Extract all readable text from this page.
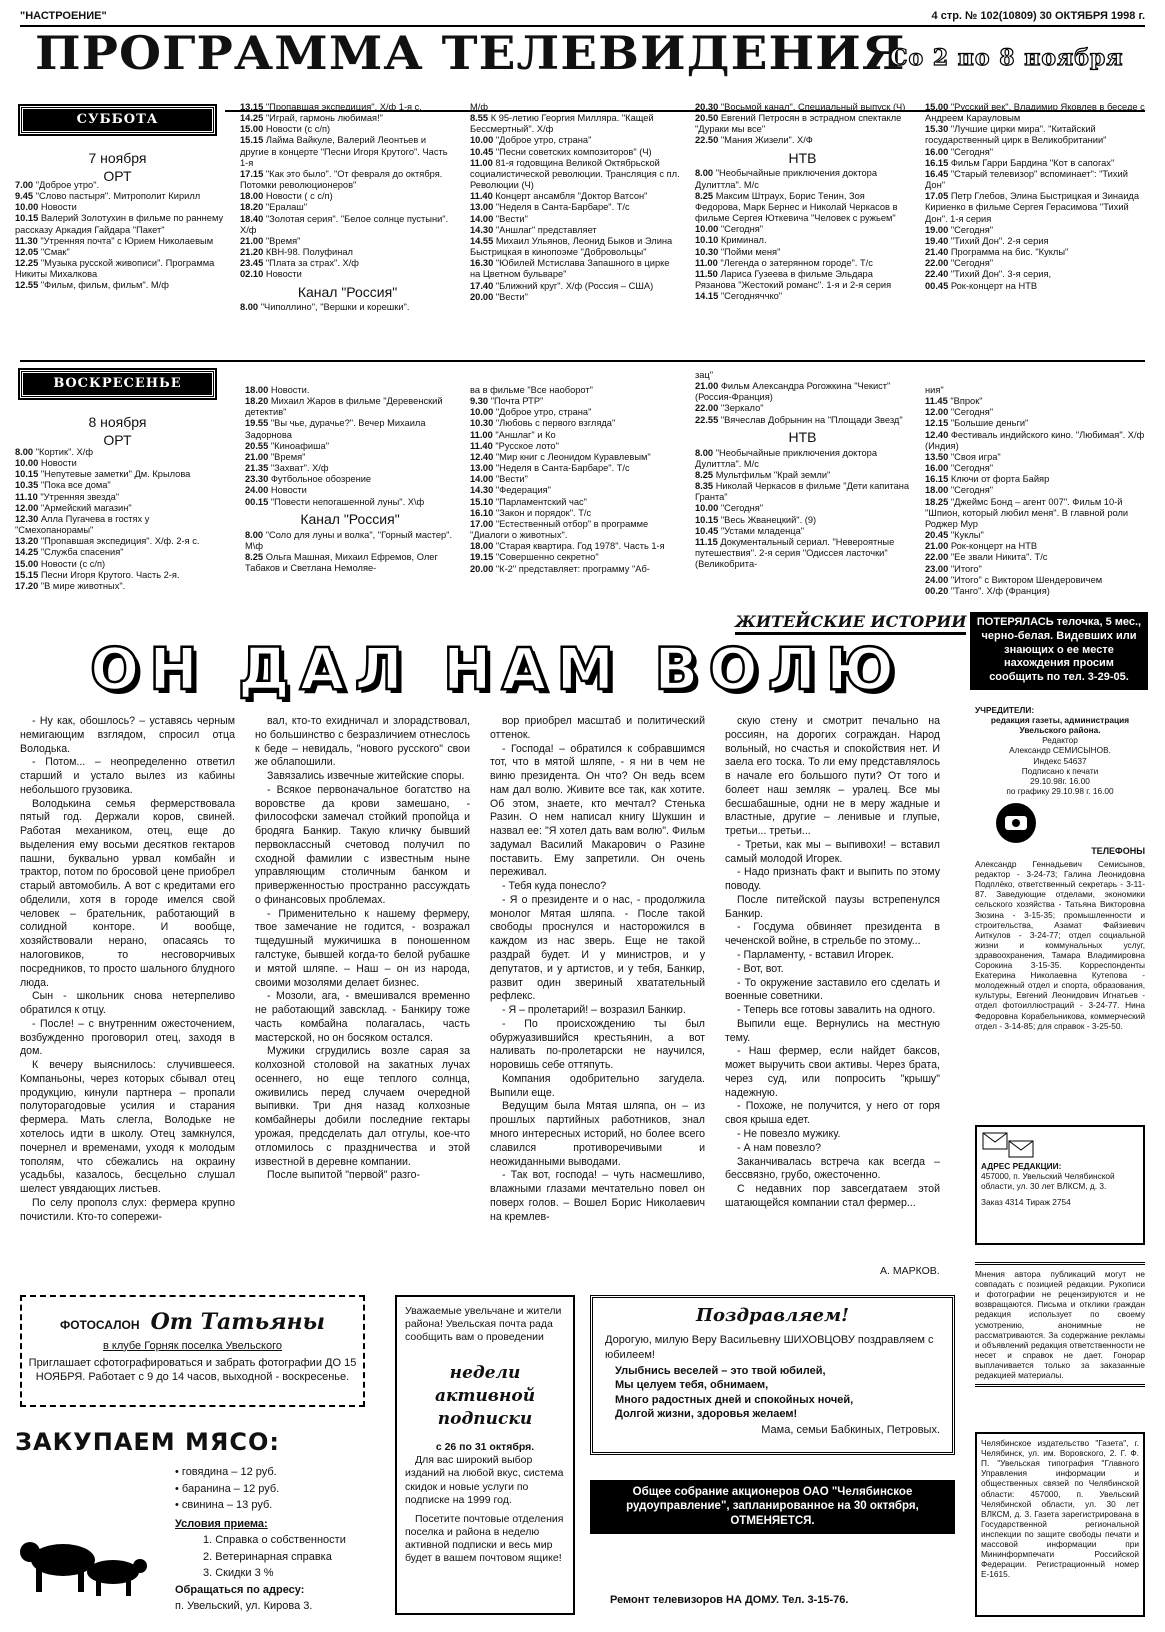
"НАСТРОЕНИЕ"	4 стр. № 102(10809) 30 ОКТЯБРЯ 1998 г.
ПРОГРАММА ТЕЛЕВИДЕНИЯ
Со 2 по 8 ноября
СУББОТА
7 ноября
ОРТ
7.00 "Доброе утро".
9.45 "Слово пастыря". Митрополит Кирилл
10.00 Новости
10.15 Валерий Золотухин в фильме по раннему рассказу Аркадия Гайдара "Пакет"
11.30 "Утренняя почта" с Юрием Николаевым
12.05 "Смак"
12.25 "Музыка русской живописи". Программа Никиты Михалкова
12.55 "Фильм, фильм, фильм". М/ф
13.15 "Пропавшая экспедиция". Х/ф 1-я с.
14.25 "Играй, гармонь любимая!"
15.00 Новости (с с/п)
15.15 Лайма Вайкуле, Валерий Леонтьев и другие в концерте "Песни Игоря Крутого". Часть 1-я
17.15 "Как это было". "От февраля до октября. Потомки революционеров"
18.00 Новости ( с с/п)
18.20 "Ералаш"
18.40 "Золотая серия". "Белое солнце пустыни". Х/ф
21.00 "Время"
21.20 КВН-98. Полуфинал
23.45 "Плата за страх". Х/ф
02.10 Новости
Канал "Россия"
8.00 "Чиполлино", "Вершки и корешки".
М/ф
8.55 К 95-летию Георгия Милляра. "Кащей Бессмертный". Х/ф
10.00 "Доброе утро, страна"
10.45 "Песни советских композиторов" (Ч)
11.00 81-я годовщина Великой Октябрьской социалистической революции. Трансляция с пл. Революции (Ч)
11.40 Концерт ансамбля "Доктор Ватсон"
13.00 "Неделя в Санта-Барбаре". Т/с
14.00 "Вести"
14.30 "Аншлаг" представляет
14.55 Михаил Ульянов, Леонид Быков и Элина Быстрицкая в кинопоэме "Добровольцы"
16.30 "Юбилей Мстислава Запашного в цирке на Цветном бульваре"
17.40 "Ближний круг". Х/ф (Россия – США)
20.00 "Вести"
20.30 "Восьмой канал". Специальный выпуск (Ч)
20.50 Евгений Петросян в эстрадном спектакле "Дураки мы все"
22.50 "Мания Жизели". Х/Ф
НТВ
8.00 "Необычайные приключения доктора Дулиттла". М/с
8.25 Максим Штраух, Борис Тенин, Зоя Федорова, Марк Бернес и Николай Черкасов в фильме Сергея Юткевича "Человек с ружьем"
10.00 "Сегодня"
10.10 Криминал.
10.30 "Пойми меня"
11.00 "Легенда о затерянном городе". Т/с
11.50 Лариса Гузеева в фильме Эльдара Рязанова "Жестокий романс". 1-я и 2-я серия
14.15 "Сегодняччко"
15.00 "Русский век". Владимир Яковлев в беседе с Андреем Карауловым
15.30 "Лучшие цирки мира". "Китайский государственный цирк в Великобритании"
16.00 "Сегодня"
16.15 Фильм Гарри Бардина "Кот в сапогах"
16.45 "Старый телевизор" вспоминает": "Тихий Дон"
17.05 Петр Глебов, Элина Быстрицкая и Зинаида Кириенко в фильме Сергея Герасимова "Тихий Дон". 1-я серия
19.00 "Сегодня"
19.40 "Тихий Дон". 2-я серия
21.40 Программа на бис. "Куклы"
22.00 "Сегодня"
22.40 "Тихий Дон". 3-я серия,
00.45 Рок-концерт на НТВ
ВОСКРЕСЕНЬЕ
8 ноября
ОРТ
8.00 "Кортик". Х/ф
10.00 Новости
10.15 "Непутевые заметки" Дм. Крылова
10.35 "Пока все дома"
11.10 "Утренняя звезда"
12.00 "Армейский магазин"
12.30 Алла Пугачева в гостях у "Смехопанорамы"
13.20 "Пропавшая экспедиция". Х/ф. 2-я с.
14.25 "Служба спасения"
15.00 Новости (с с/п)
15.15 Песни Игоря Крутого. Часть 2-я.
17.20 "В мире животных".
18.00 Новости.
18.20 Михаил Жаров в фильме "Деревенский детектив"
19.55 "Вы чье, дурачье?". Вечер Михаила Задорнова
20.55 "Киноафиша"
21.00 "Время"
21.35 "Захват". Х/ф
23.30 Футбольное обозрение
24.00 Новости
00.15 "Повести непогашенной луны". Х\ф
Канал "Россия"
8.00 "Соло для луны и волка", "Горный мастер". М\ф
8.25 Ольга Машная, Михаил Ефремов, Олег Табаков и Светлана Немоляе-
ва в фильме "Все наоборот"
9.30 "Почта РТР"
10.00 "Доброе утро, страна"
10.30 "Любовь с первого взгляда"
11.00 "Аншлаг" и Ко
11.40 "Русское лото"
12.40 "Мир книг с Леонидом Куравлевым"
13.00 "Неделя в Санта-Барбаре". Т/с
14.00 "Вести"
14.30 "Федерация"
15.10 "Парламентский час"
16.10 "Закон и порядок". Т/с
17.00 "Естественный отбор" в программе "Диалоги о животных".
18.00 "Старая квартира. Год 1978". Часть 1-я
19.15 "Совершенно секретно"
20.00 "К-2" представляет: программу "Аб-
зац"
21.00 Фильм Александра Рогожкина "Чекист" (Россия-Франция)
22.00 "Зеркало"
22.55 "Вячеслав Добрынин на "Площади Звезд"
НТВ
8.00 "Необычайные приключения доктора Дулиттла". М/с
8.25 Мультфильм "Край земли"
8.35 Николай Черкасов в фильме "Дети капитана Гранта"
10.00 "Сегодня"
10.15 "Весь Жванецкий". (9)
10.45 "Устами младенца"
11.15 Документальный сериал. "Невероятные путешествия". 2-я серия "Одиссея ласточки" (Великобрита-
ния"
11.45 "Впрок"
12.00 "Сегодня"
12.15 "Большие деньги"
12.40 Фестиваль индийского кино. "Любимая". Х/ф (Индия)
13.50 "Своя игра"
16.00 "Сегодня"
16.15 Ключи от форта Байяр
18.00 "Сегодня"
18.25 "Джеймс Бонд – агент 007". Фильм 10-й "Шпион, который любил меня". В главной роли Роджер Мур
20.45 "Куклы"
21.00 Рок-концерт на НТВ
22.00 "Ее звали Никита". Т/с
23.00 "Итого"
24.00 "Итого" с Виктором Шендеровичем
00.20 "Танго". Х/ф (Франция)
ЖИТЕЙСКИЕ ИСТОРИИ
ОН ДАЛ НАМ ВОЛЮ
ПОТЕРЯЛАСЬ телочка, 5 мес., черно-белая. Видевших или знающих о ее месте нахождения просим сообщить по тел. 3-29-05.

- Ну как, обошлось? – уставясь черным немигающим взглядом, спросил отца Володька.

- Потом... – неопределенно ответил старший и устало вылез из кабины небольшого грузовика.

Володькина семья фермерствовала пятый год. Держали коров, свиней. Работая механиком, отец, еще до выделения ему восьми десятков гектаров пашни, буквально урвал комбайн и трактор, потом по бросовой цене приобрел старый автомобиль. А вот с кредитами его обделили, хотя в городе имелся свой человек – брательник, работающий в солидной конторе. И вообще, хозяйствовали нерано, опасаясь то налоговиков, то несговорчивых посредников, то просто шального блудного люда.

Сын - школьник снова нетерпеливо обратился к отцу.

- После! – с внутренним ожесточением, возбужденно проговорил отец, заходя в дом.

К вечеру выяснилось: случившееся. Компаньоны, через которых сбывал отец продукцию, кинули партнера – пропали полуторагодовые усилия и старания фермера. Мать слегла, Володьке не хотелось идти в школу. Отец замкнулся, почернел и временами, уходя к молодым тополям, что сбежались на окраину усадьбы, казалось, бесцельно слушал шелест увядающих листьев.

По селу прополз слух: фермера крупно почистили. Кто-то сопережи-

вал, кто-то ехидничал и злорадствовал, но большинство с безразличием отнеслось к беде – невидаль, "нового русского" свои же облапошили.

Завязались извечные житейские споры.

- Всякое первоначальное богатство на воровстве да крови замешано, - философски замечал стойкий пропойца и бродяга Банкир. Такую кличку бывший первоклассный счетовод получил по сходной фамилии с известным ныне управляющим столичным банком и приверженностью пространно рассуждать о финансовых проблемах.

- Применительно к нашему фермеру, твое замечание не годится, - возражал тщедушный мужичишка в поношенном галстуке, бывшей когда-то белой рубашке и мятой шляпе. – Наш – он из народа, своими мозолями делает бизнес.

- Мозоли, ага, - вмешивался временно не работающий завсклад. - Банкиру тоже часть комбайна полагалась, часть мастерской, но он босяком остался.

Мужики сгрудились возле сарая за колхозной столовой на закатных лучах осеннего, но еще теплого солнца, оживились перед случаем очередной выпивки. Три дня назад колхозные комбайнеры добили последние гектары урожая, предсделать дал отгулы, кое-что отломилось с праздничества и этой известной в деревне компании.

После выпитой "первой" разго-

вор приобрел масштаб и политический оттенок.

- Господа! – обратился к собравшимся тот, что в мятой шляпе, - я ни в чем не виню президента. Он что? Он ведь всем нам дал волю. Живите все так, как хотите. Об этом, знаете, кто мечтал? Стенька Разин. О нем написал книгу Шукшин и назвал ее: "Я хотел дать вам волю". Фильм задумал Василий Макарович о Разине поставить. Ему запретили. Он очень переживал.

- Тебя куда понесло?

- Я о президенте и о нас, - продолжила монолог Мятая шляпа. - После такой свободы проснулся и насторожился в каждом из нас зверь. Еще не такой раздрай будет. И у министров, и у депутатов, и у артистов, и у тебя, Банкир, развит один звериный хватательный рефлекс.

- Я – пролетарий! – возразил Банкир.

- По происхождению ты был обуржуазившийся крестьянин, а вот наливать по-пролетарски не научился, норовишь себе оттяпуть.

Компания одобрительно загудела. Выпили еще.

Ведущим была Мятая шляпа, он – из прошлых партийных работников, знал много интересных историй, но более всего славился противоречивыми и неожиданными выводами.

- Так вот, господа! – чуть насмешливо, влажными глазами мечтательно повел он поверх голов. – Вошел Борис Николаевич на кремлев-

скую стену и смотрит печально на россиян, на дорогих сограждан. Народ вольный, но счастья и спокойствия нет. И заела его тоска. То ли ему представлялось в начале его большого пути? От того и болеет наш земляк – уралец. Все мы бесшабашные, одни не в меру жадные и властные, другие – ленивые и глупые, третьи... третьи...

- Третьи, как мы – выпивохи! – вставил самый молодой Игорек.

- Надо признать факт и выпить по этому поводу.

После питейской паузы встрепенулся Банкир.

- Госдума обвиняет президента в чеченской войне, в стрельбе по этому...

- Парламенту, - вставил Игорек.

- Вот, вот.

- То окружение заставило его сделать и военные советники.

- Теперь все готовы завалить на одного.

Выпили еще. Вернулись на местную тему.

- Наш фермер, если найдет баксов, может выручить свои активы. Через брата, через суд, или попросить "крышу" надежную.

- Похоже, не получится, у него от горя своя крыша едет.

- Не повезло мужику.

- А нам повезло?

Заканчивалась встреча как всегда – бессвязно, грубо, ожесточенно.

С недавних пор завсегдатаем этой шатающейся компании стал фермер...

А. МАРКОВ.
УЧРЕДИТЕЛИ:
редакция газеты, администрация Увельского района.
Редактор
Александр СЕМИСЫНОВ.
Индекс 54637
Подписано к печати
29.10.98г. 16.00
по графику 29.10.98 г. 16.00
ТЕЛЕФОНЫ
Александр Геннадьевич Семисынов, редактор - 3-24-73; Галина Леонидовна Подплёко, ответственный секретарь - 3-11-87. Заведующие отделами, экономики сельского хозяйства - Татьяна Викторовна Зюзина - 3-15-35; промышленности и строительства, Азамат Файзиевич Аиткулов - 3-24-77; отдел социальной жизни и коммунальных услуг, здравоохранения, Тамара Владимировна Сорокина 3-15-35. Корреспонденты Екатерина Николаевна Кутепова - молодежный отдел и спорта, образования, культуры, Евгений Леонидович Игнатьев - отдел фотоиллюстраций - 3-24-77. Нина Федоровна Корабельникова, коммерческий отдел - 3-14-85; для справок - 3-25-50.
АДРЕС РЕДАКЦИИ:
457000, п. Увельский Челябинской области, ул. 30 лет ВЛКСМ, д. 3.
Заказ 4314 Тираж 2754
Мнения автора публикаций могут не совпадать с позицией редакции. Рукописи и фотографии не рецензируются и не возвращаются. Письма и отклики граждан редакция использует по своему усмотрению, анонимные не рассматриваются. За содержание рекламы и объявлений редакция ответственности не несет и справок не дает. Гонорар выплачивается только за заказанные редакцией материалы.
Челябинское издательство "Газета", г. Челябинск, ул. им. Воровского, 2. Г. Ф. П. "Увельская типография "Главного Управления информации и общественных связей по Челябинской области: 457000, п. Увельский Челябинской области, ул. 30 лет ВЛКСМ, д. 3. Газета зарегистрирована в Государственной региональной инспекции по защите свободы печати и массовой информации при Мининформпечати Российской Федерации. Регистрационный номер Е-1615.
ФОТОСАЛОН От Татьяны
в клубе Горняк поселка Увельского
Приглашает сфотографироваться и забрать фотографии ДО 15 НОЯБРЯ. Работает с 9 до 14 часов, выходной - воскресенье.
ЗАКУПАЕМ МЯСО:
• говядина – 12 руб.
• баранина – 12 руб.
• свинина – 13 руб.
Условия приема:
1. Справка о собственности
2. Ветеринарная справка
3. Скидки 3 %
Обращаться по адресу:
п. Увельский, ул. Кирова 3.
Уважаемые увельчане и жители района! Увельская почта рада сообщить вам о проведении
недели
активной
подписки
с 26 по 31 октября.
Для вас широкий выбор изданий на любой вкус, система скидок и новые услуги по подписке на 1999 год.
Посетите почтовые отделения поселка и района в неделю активной подписки и весь мир будет в вашем почтовом ящике!
Поздравляем!
Дорогую, милую Веру Васильевну ШИХОВЦОВУ поздравляем с юбилеем!
Улыбнись веселей – это твой юбилей,
Мы целуем тебя, обнимаем,
Много радостных дней и спокойных ночей,
Долгой жизни, здоровья желаем!
Мама, семьи Бабкиных, Петровых.
Общее собрание акционеров ОАО "Челябинское рудоуправление", запланированное на 30 октября, ОТМЕНЯЕТСЯ.
Ремонт телевизоров НА ДОМУ. Тел. 3-15-76.
